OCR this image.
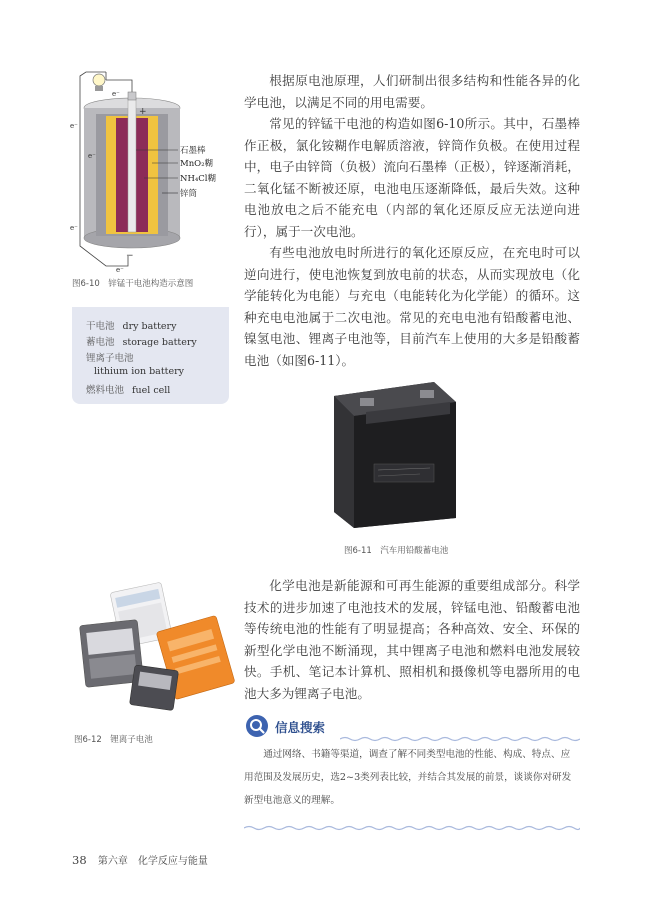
e⁻
e⁻
e⁻
e⁻
e⁻
+
−
石墨棒
MnO₂糊
NH₄Cl糊
锌筒
图6-10　锌锰干电池构造示意图
干电池 dry battery
蓄电池 storage battery
锂离子电池
lithium ion battery
燃料电池 fuel cell

根据原电池原理，人们研制出很多结构和性能各异的化学电池，以满足不同的用电需要。

常见的锌锰干电池的构造如图6-10所示。其中，石墨棒作正极，氯化铵糊作电解质溶液，锌筒作负极。在使用过程中，电子由锌筒（负极）流向石墨棒（正极），锌逐渐消耗，二氧化锰不断被还原，电池电压逐渐降低，最后失效。这种电池放电之后不能充电（内部的氧化还原反应无法逆向进行），属于一次电池。

有些电池放电时所进行的氧化还原反应，在充电时可以逆向进行，使电池恢复到放电前的状态，从而实现放电（化学能转化为电能）与充电（电能转化为化学能）的循环。这种充电电池属于二次电池。常见的充电电池有铅酸蓄电池、镍氢电池、锂离子电池等，目前汽车上使用的大多是铅酸蓄电池（如图6-11）。

图6-11　汽车用铅酸蓄电池
图6-12　锂离子电池

化学电池是新能源和可再生能源的重要组成部分。科学技术的进步加速了电池技术的发展，锌锰电池、铅酸蓄电池等传统电池的性能有了明显提高；各种高效、安全、环保的新型化学电池不断涌现，其中锂离子电池和燃料电池发展较快。手机、笔记本计算机、照相机和摄像机等电器所用的电池大多为锂离子电池。

信息搜索

通过网络、书籍等渠道，调查了解不同类型电池的性能、构成、特点、应用范围及发展历史，选2~3类列表比较，并结合其发展的前景，谈谈你对研发新型电池意义的理解。

38 第六章　化学反应与能量
